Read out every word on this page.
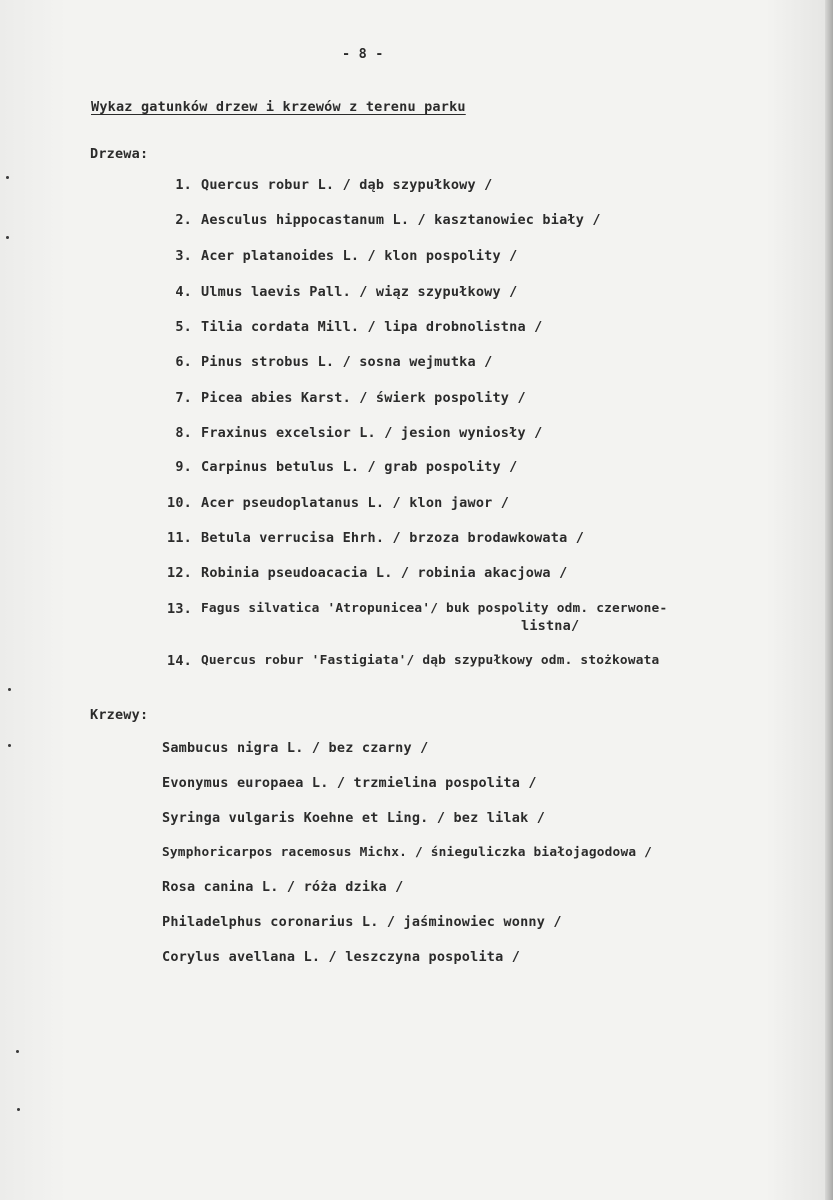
- 8 -
Wykaz gatunków drzew i krzewów z terenu parku
Drzewa:
1. Quercus robur L. / dąb szypułkowy /
2. Aesculus hippocastanum L. / kasztanowiec biały /
3. Acer platanoides L. / klon pospolity /
4. Ulmus laevis Pall. / wiąz szypułkowy /
5. Tilia cordata Mill. / lipa drobnolistna /
6. Pinus strobus L. / sosna wejmutka /
7. Picea abies Karst. / świerk pospolity /
8. Fraxinus excelsior L. / jesion wyniosły /
9. Carpinus betulus L. / grab pospolity /
10. Acer pseudoplatanus L. / klon jawor /
11. Betula verrucisa Ehrh. / brzoza brodawkowata /
12. Robinia pseudoacacia L. / robinia akacjowa /
13. Fagus silvatica 'Atropunicea'/ buk pospolity odm. czerwone-
listna/
14. Quercus robur 'Fastigiata'/ dąb szypułkowy odm. stożkowata
Krzewy:
Sambucus nigra L. / bez czarny /
Evonymus europaea L. / trzmielina pospolita /
Syringa vulgaris Koehne et Ling. / bez lilak /
Symphoricarpos racemosus Michx. / śnieguliczka białojagodowa /
Rosa canina L. / róża dzika /
Philadelphus coronarius L. / jaśminowiec wonny /
Corylus avellana L. / leszczyna pospolita /
